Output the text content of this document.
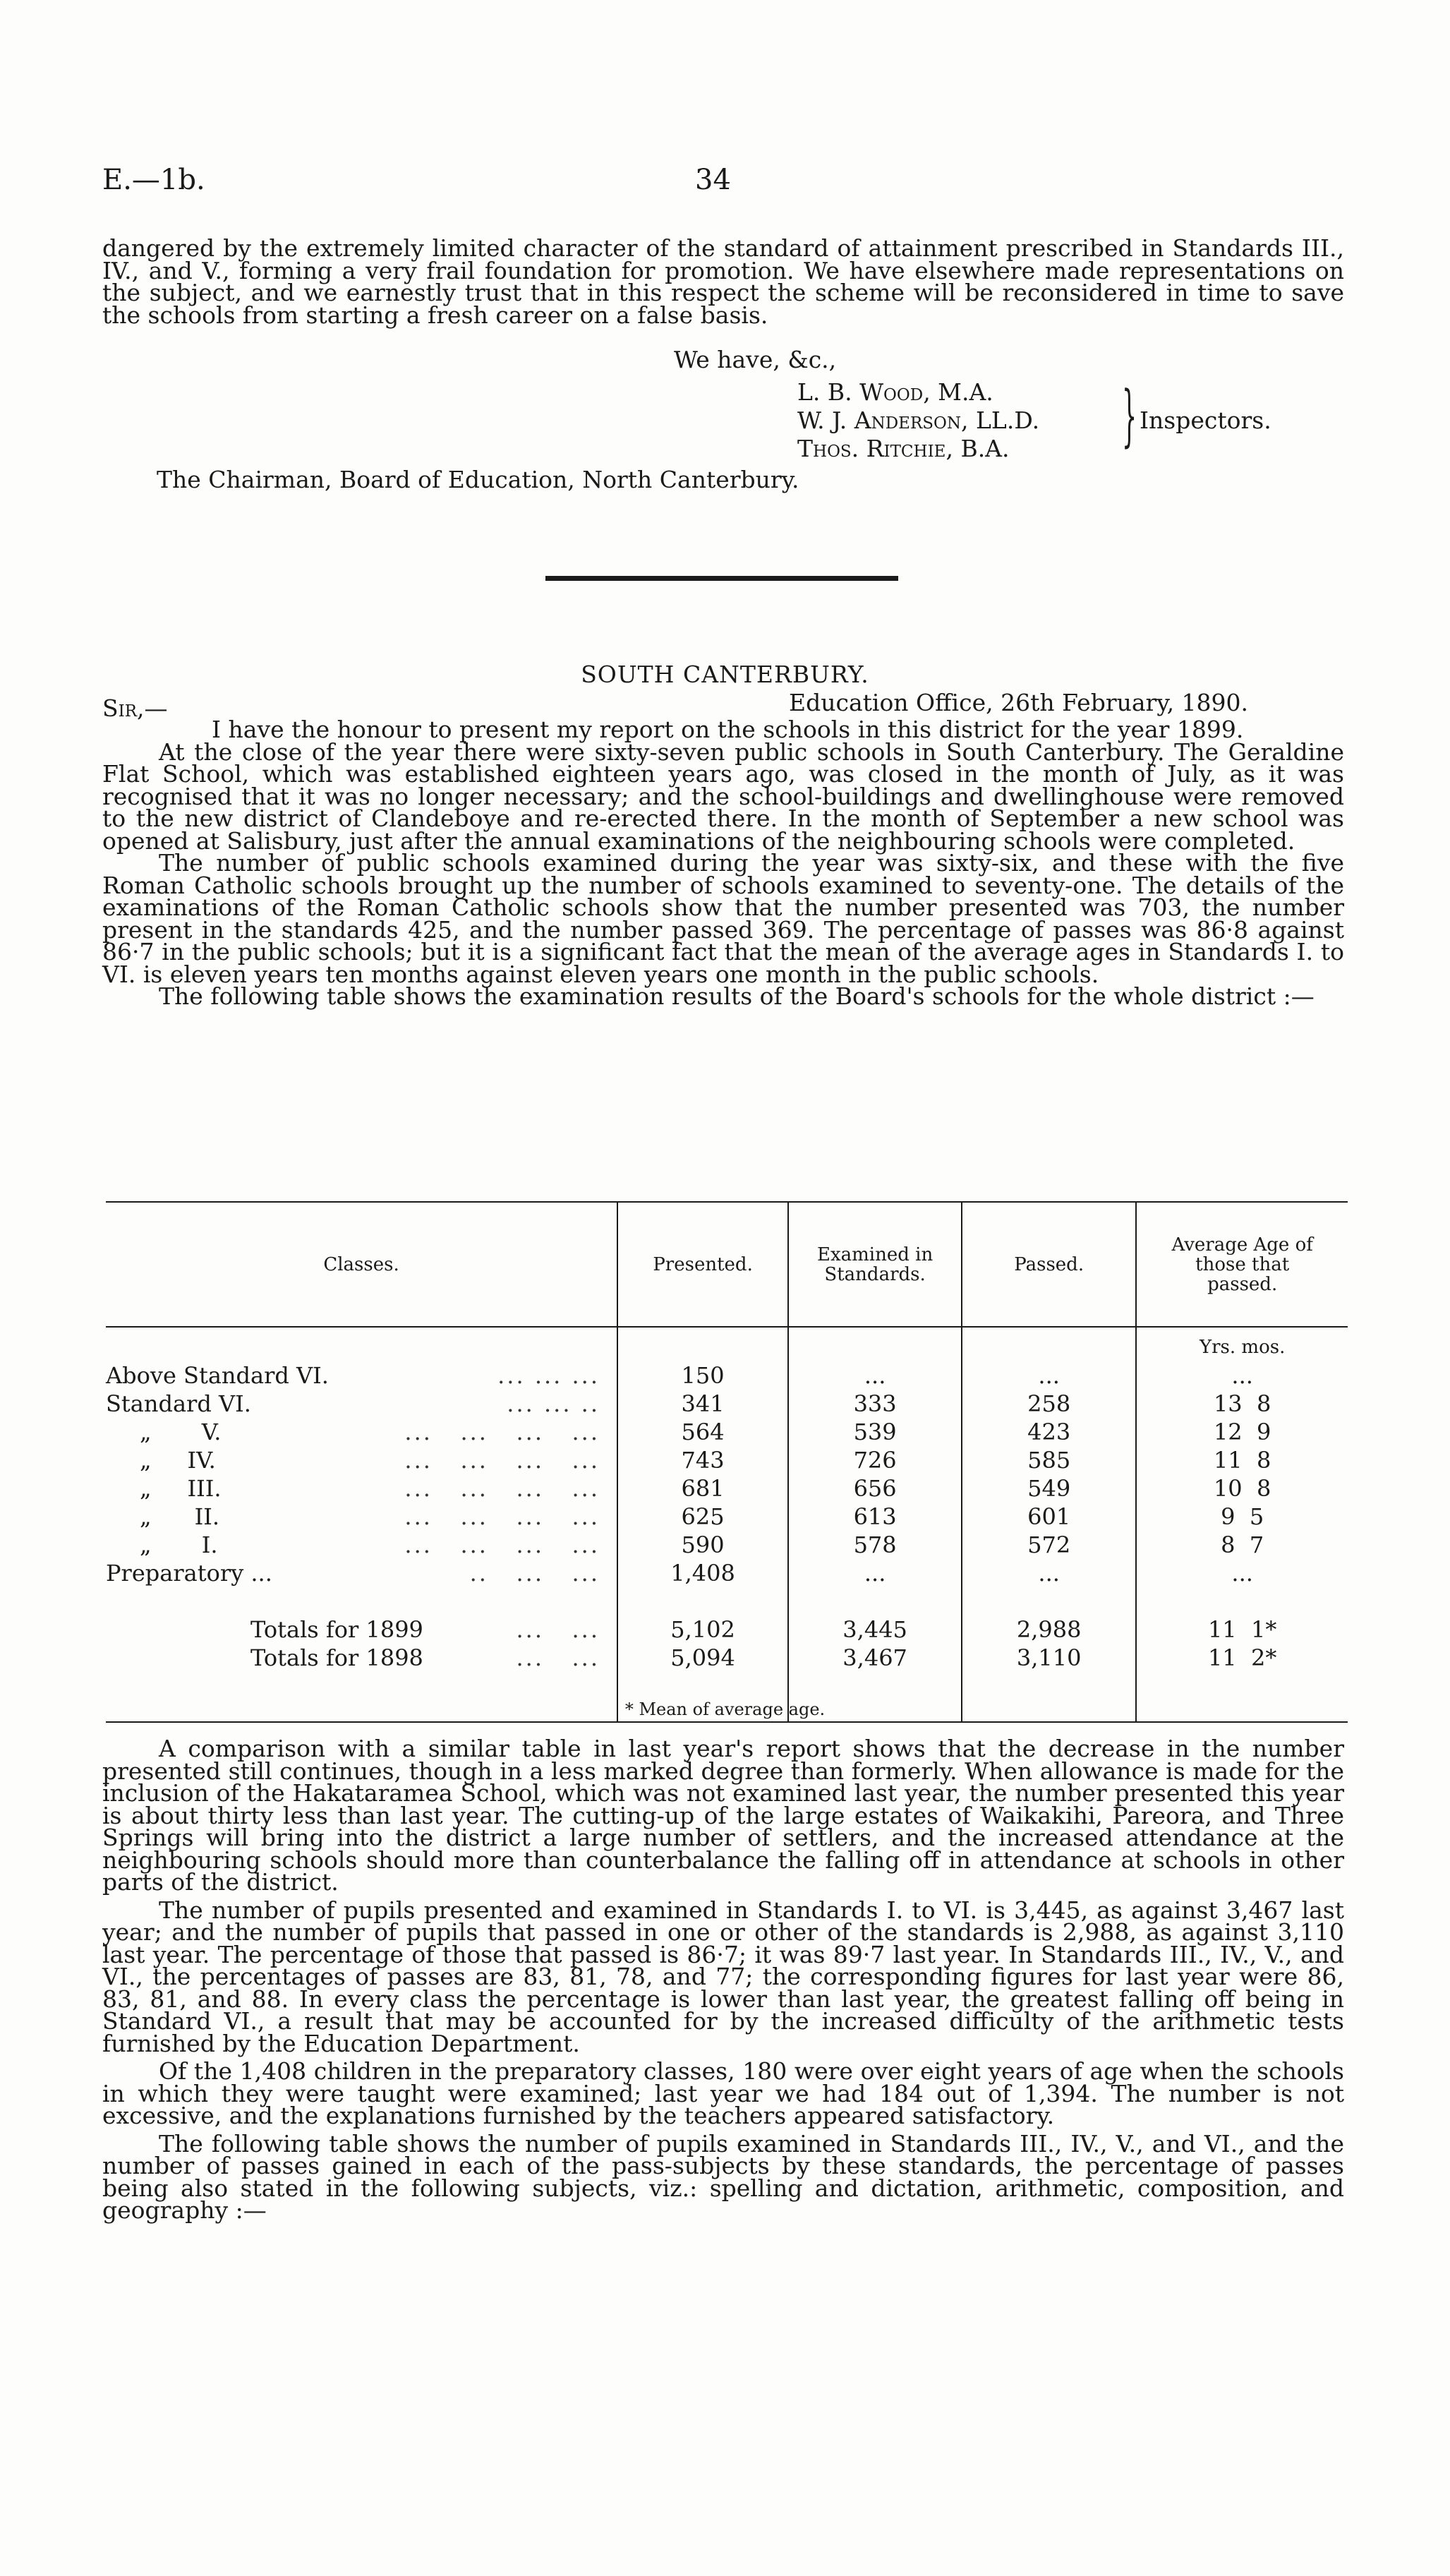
E.—1b.	34

dangered by the extremely limited character of the standard of attainment prescribed in Standards III., IV., and V., forming a very frail foundation for promotion. We have elsewhere made representations on the subject, and we earnestly trust that in this respect the scheme will be reconsidered in time to save the schools from starting a fresh career on a false basis.

We have, &c.,
L. B. Wood, M.A.
W. J. Anderson, LL.D.
Thos. Ritchie, B.A. } Inspectors.
The Chairman, Board of Education, North Canterbury.
SOUTH CANTERBURY.
Sir,—	Education Office, 26th February, 1890.

I have the honour to present my report on the schools in this district for the year 1899.

At the close of the year there were sixty-seven public schools in South Canterbury. The Geraldine Flat School, which was established eighteen years ago, was closed in the month of July, as it was recognised that it was no longer necessary; and the school-buildings and dwellinghouse were removed to the new district of Clandeboye and re-erected there. In the month of September a new school was opened at Salisbury, just after the annual examinations of the neighbouring schools were completed.

The number of public schools examined during the year was sixty-six, and these with the five Roman Catholic schools brought up the number of schools examined to seventy-one. The details of the examinations of the Roman Catholic schools show that the number presented was 703, the number present in the standards 425, and the number passed 369. The percentage of passes was 86·8 against 86·7 in the public schools; but it is a significant fact that the mean of the average ages in Standards I. to VI. is eleven years ten months against eleven years one month in the public schools.

The following table shows the examination results of the Board's schools for the whole district :—

Classes.	Presented.	Examined in Standards.	Passed.	Average Age of those that passed.
				Yrs. mos.
Above Standard VI. ... ... ...	150	...	...	...
Standard VI. ... ... ..	341	333	258	13  8
„       V. ...   ...   ...   ...	564	539	423	12  9
„     IV. ...   ...   ...   ...	743	726	585	11  8
„     III. ...   ...   ...   ...	681	656	549	10  8
„      II. ...   ...   ...   ...	625	613	601	9  5
„       I. ...   ...   ...   ...	590	578	572	8  7
Preparatory ... ..   ...   ...	1,408	...	...	...

Totals for 1899 ...   ...	5,102	3,445	2,988	11  1*
Totals for 1898 ...   ...	5,094	3,467	3,110	11  2*

* Mean of average age.

A comparison with a similar table in last year's report shows that the decrease in the number presented still continues, though in a less marked degree than formerly. When allowance is made for the inclusion of the Hakataramea School, which was not examined last year, the number presented this year is about thirty less than last year. The cutting-up of the large estates of Waikakihi, Pareora, and Three Springs will bring into the district a large number of settlers, and the increased attendance at the neighbouring schools should more than counterbalance the falling off in attendance at schools in other parts of the district.

The number of pupils presented and examined in Standards I. to VI. is 3,445, as against 3,467 last year; and the number of pupils that passed in one or other of the standards is 2,988, as against 3,110 last year. The percentage of those that passed is 86·7; it was 89·7 last year. In Standards III., IV., V., and VI., the percentages of passes are 83, 81, 78, and 77; the corresponding figures for last year were 86, 83, 81, and 88. In every class the percentage is lower than last year, the greatest falling off being in Standard VI., a result that may be accounted for by the increased difficulty of the arithmetic tests furnished by the Education Department.

Of the 1,408 children in the preparatory classes, 180 were over eight years of age when the schools in which they were taught were examined; last year we had 184 out of 1,394. The number is not excessive, and the explanations furnished by the teachers appeared satisfactory.

The following table shows the number of pupils examined in Standards III., IV., V., and VI., and the number of passes gained in each of the pass-subjects by these standards, the percentage of passes being also stated in the following subjects, viz.: spelling and dictation, arithmetic, composition, and geography :—
